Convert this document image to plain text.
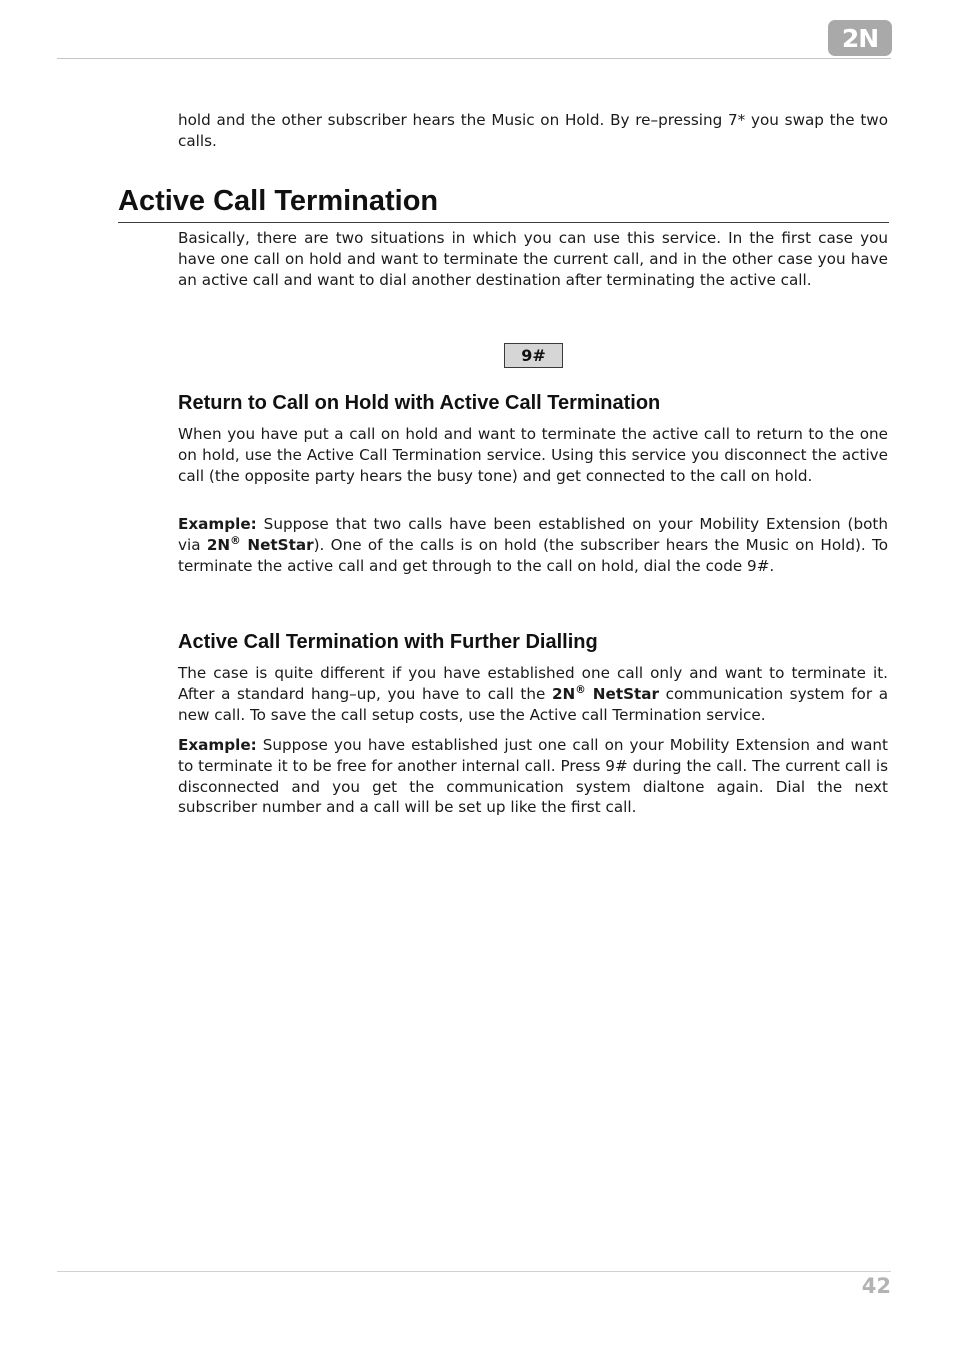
2N

hold and the other subscriber hears the Music on Hold. By re–pressing 7* you swap the two calls.

Active Call Termination

Basically, there are two situations in which you can use this service. In the first case you have one call on hold and want to terminate the current call, and in the other case you have an active call and want to dial another destination after terminating the active call.

9#
Return to Call on Hold with Active Call Termination

When you have put a call on hold and want to terminate the active call to return to the one on hold, use the Active Call Termination service. Using this service you disconnect the active call (the opposite party hears the busy tone) and get connected to the call on hold.

Example: Suppose that two calls have been established on your Mobility Extension (both via 2N® NetStar). One of the calls is on hold (the subscriber hears the Music on Hold). To terminate the active call and get through to the call on hold, dial the code 9#.

Active Call Termination with Further Dialling

The case is quite different if you have established one call only and want to terminate it. After a standard hang–up, you have to call the 2N® NetStar communication system for a new call. To save the call setup costs, use the Active call Termination service.

Example: Suppose you have established just one call on your Mobility Extension and want to terminate it to be free for another internal call. Press 9# during the call. The current call is disconnected and you get the communication system dialtone again. Dial the next subscriber number and a call will be set up like the first call.

42
